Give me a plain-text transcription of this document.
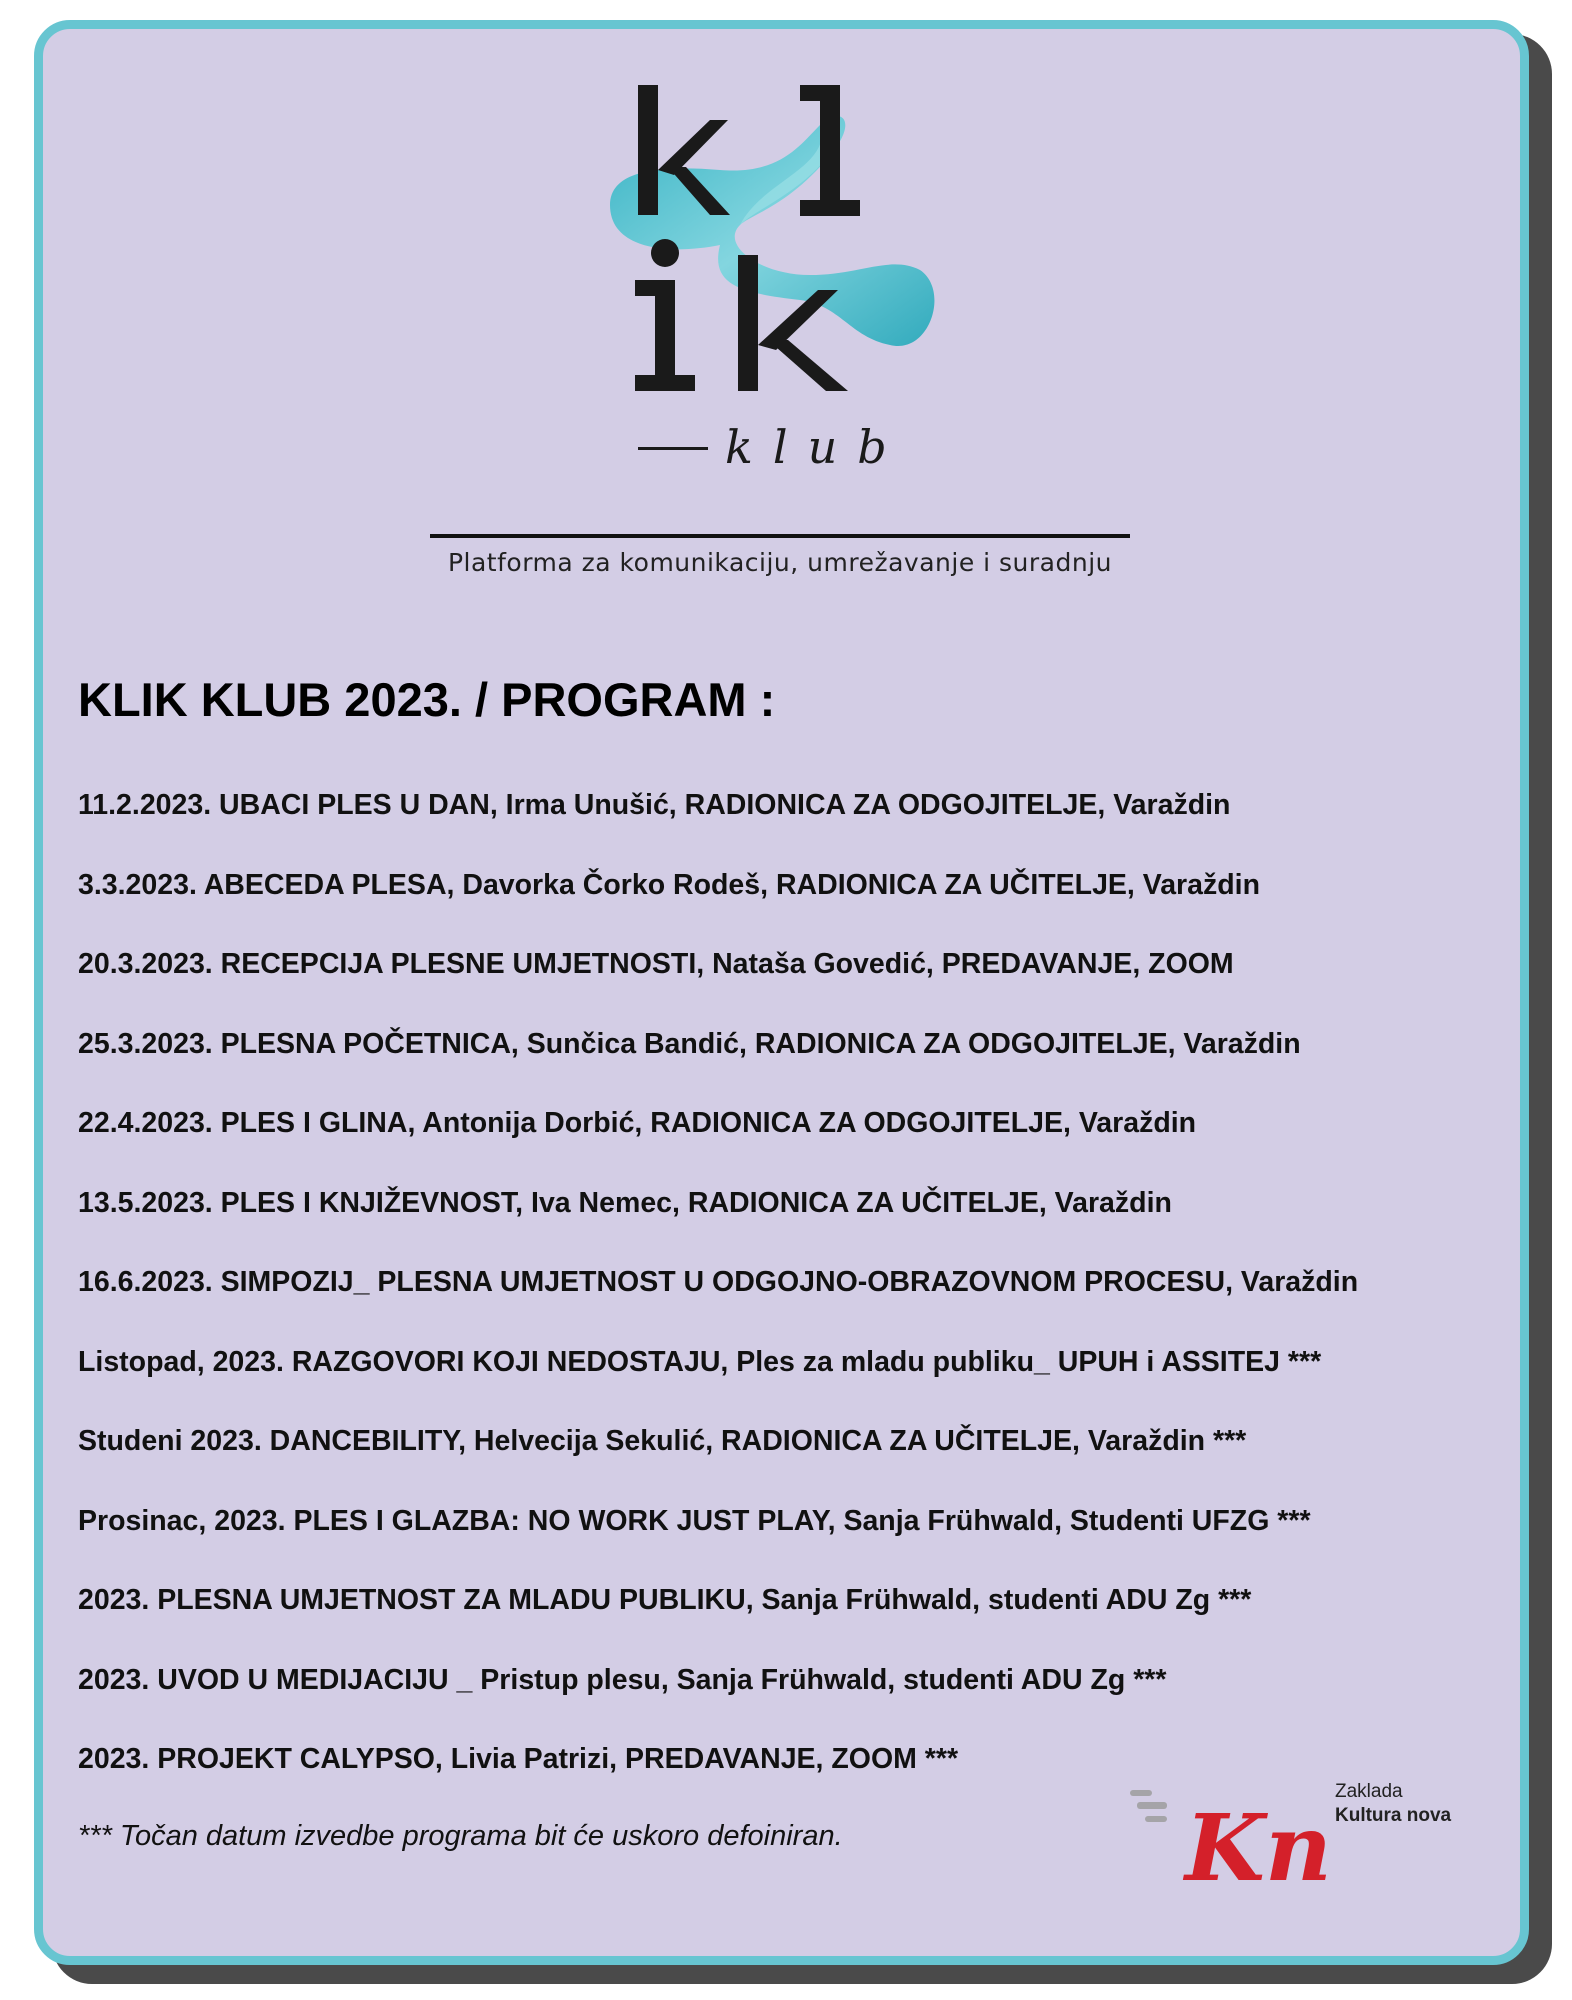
klub
Platforma za komunikaciju, umrežavanje i suradnju
KLIK KLUB 2023. / PROGRAM :
11.2.2023. UBACI PLES U DAN, Irma Unušić, RADIONICA ZA ODGOJITELJE, Varaždin
3.3.2023. ABECEDA PLESA, Davorka Čorko Rodeš, RADIONICA ZA UČITELJE, Varaždin
20.3.2023. RECEPCIJA PLESNE UMJETNOSTI, Nataša Govedić, PREDAVANJE, ZOOM
25.3.2023. PLESNA POČETNICA, Sunčica Bandić, RADIONICA ZA ODGOJITELJE, Varaždin
22.4.2023. PLES I GLINA, Antonija Dorbić, RADIONICA ZA ODGOJITELJE, Varaždin
13.5.2023. PLES I KNJIŽEVNOST, Iva Nemec, RADIONICA ZA UČITELJE, Varaždin
16.6.2023. SIMPOZIJ_ PLESNA UMJETNOST U ODGOJNO-OBRAZOVNOM PROCESU, Varaždin
Listopad, 2023. RAZGOVORI KOJI NEDOSTAJU, Ples za mladu publiku_ UPUH i ASSITEJ ***
Studeni 2023. DANCEBILITY, Helvecija Sekulić, RADIONICA ZA UČITELJE, Varaždin ***
Prosinac, 2023. PLES I GLAZBA: NO WORK JUST PLAY, Sanja Frühwald, Studenti UFZG ***
2023. PLESNA UMJETNOST ZA MLADU PUBLIKU, Sanja Frühwald, studenti ADU Zg ***
2023. UVOD U MEDIJACIJU _ Pristup plesu, Sanja Frühwald, studenti ADU Zg ***
2023. PROJEKT CALYPSO, Livia Patrizi, PREDAVANJE, ZOOM ***
*** Točan datum izvedbe programa bit će uskoro defoiniran.	Kn
Zaklada
Kultura nova
